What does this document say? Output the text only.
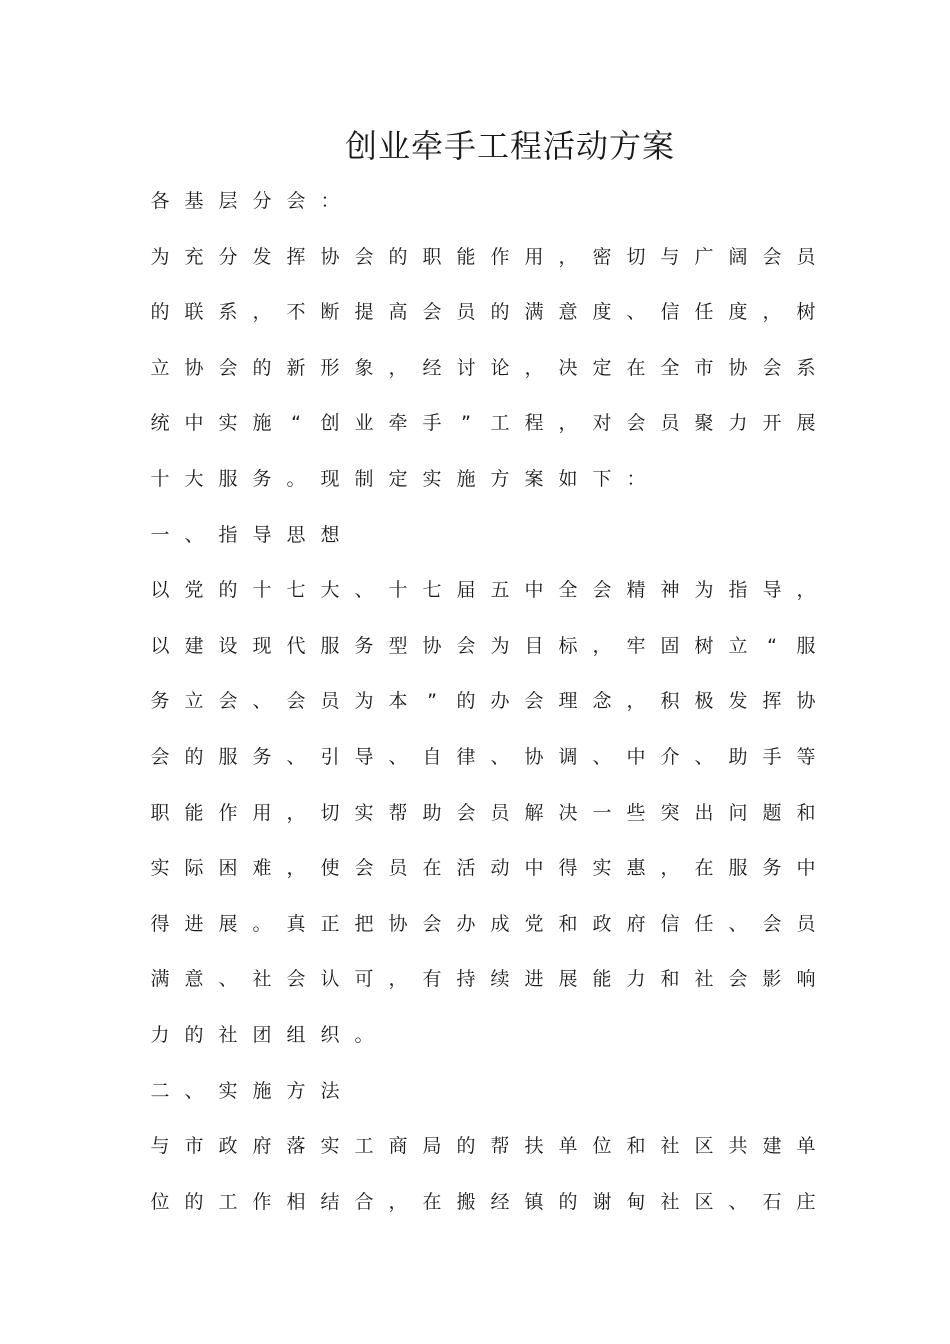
创业牵手工程活动方案
各 基 层 分 会 ：
为 充 分 发 挥 协 会 的 职 能 作 用 ， 密 切 与 广 阔 会 员
的 联 系 ， 不 断 提 高 会 员 的 满 意 度 、 信 任 度 ， 树
立 协 会 的 新 形 象 ， 经 讨 论 ， 决 定 在 全 市 协 会 系
统 中 实 施 “ 创 业 牵 手 ” 工 程 ， 对 会 员 聚 力 开 展
十 大 服 务 。 现 制 定 实 施 方 案 如 下 ：
一 、 指 导 思 想
以 党 的 十 七 大 、 十 七 届 五 中 全 会 精 神 为 指 导 ，
以 建 设 现 代 服 务 型 协 会 为 目 标 ， 牢 固 树 立 “ 服
务 立 会 、 会 员 为 本 ” 的 办 会 理 念 ， 积 极 发 挥 协
会 的 服 务 、 引 导 、 自 律 、 协 调 、 中 介 、 助 手 等
职 能 作 用 ， 切 实 帮 助 会 员 解 决 一 些 突 出 问 题 和
实 际 困 难 ， 使 会 员 在 活 动 中 得 实 惠 ， 在 服 务 中
得 进 展 。 真 正 把 协 会 办 成 党 和 政 府 信 任 、 会 员
满 意 、 社 会 认 可 ， 有 持 续 进 展 能 力 和 社 会 影 响
力 的 社 团 组 织 。
二 、 实 施 方 法
与 市 政 府 落 实 工 商 局 的 帮 扶 单 位 和 社 区 共 建 单
位 的 工 作 相 结 合 ， 在 搬 经 镇 的 谢 甸 社 区 、 石 庄
